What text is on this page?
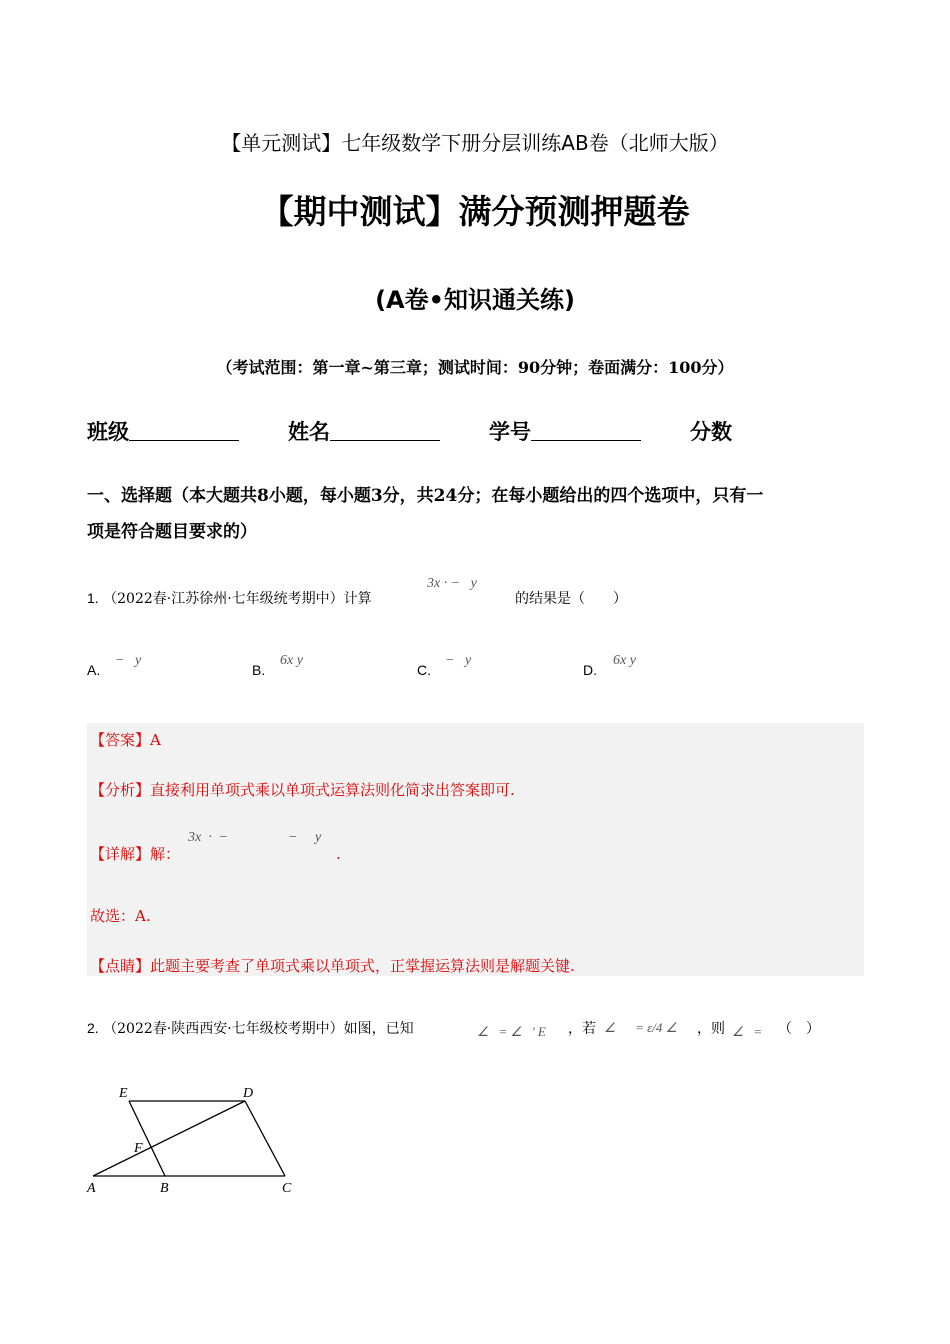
【单元测试】七年级数学下册分层训练AB卷（北师大版）
【期中测试】满分预测押题卷
(A卷•知识通关练)
（考试范围：第一章~第三章；测试时间：90分钟；卷面满分：100分）
班级	姓名	学号	分数
一、选择题（本大题共8小题，每小题3分，共24分；在每小题给出的四个选项中，只有一
项是符合题目要求的）
1. （2022春·江苏徐州·七年级统考期中）计算
3x · −   y
的结果是（　　）
A.
−   y
B.
6x y
C.
−   y
D.
6x y
【答案】A
【分析】直接利用单项式乘以单项式运算法则化简求出答案即可.
【详解】解：
3x  ·  −	−     y
.
故选：A.
【点睛】此题主要考查了单项式乘以单项式，正掌握运算法则是解题关键.
2. （2022春·陕西西安·七年级校考期中）如图，已知	∠   = ∠   ' E ，若 ∠      = ε/4 ∠ ，则 ∠   = （　）
E	D
F
A	B	C
